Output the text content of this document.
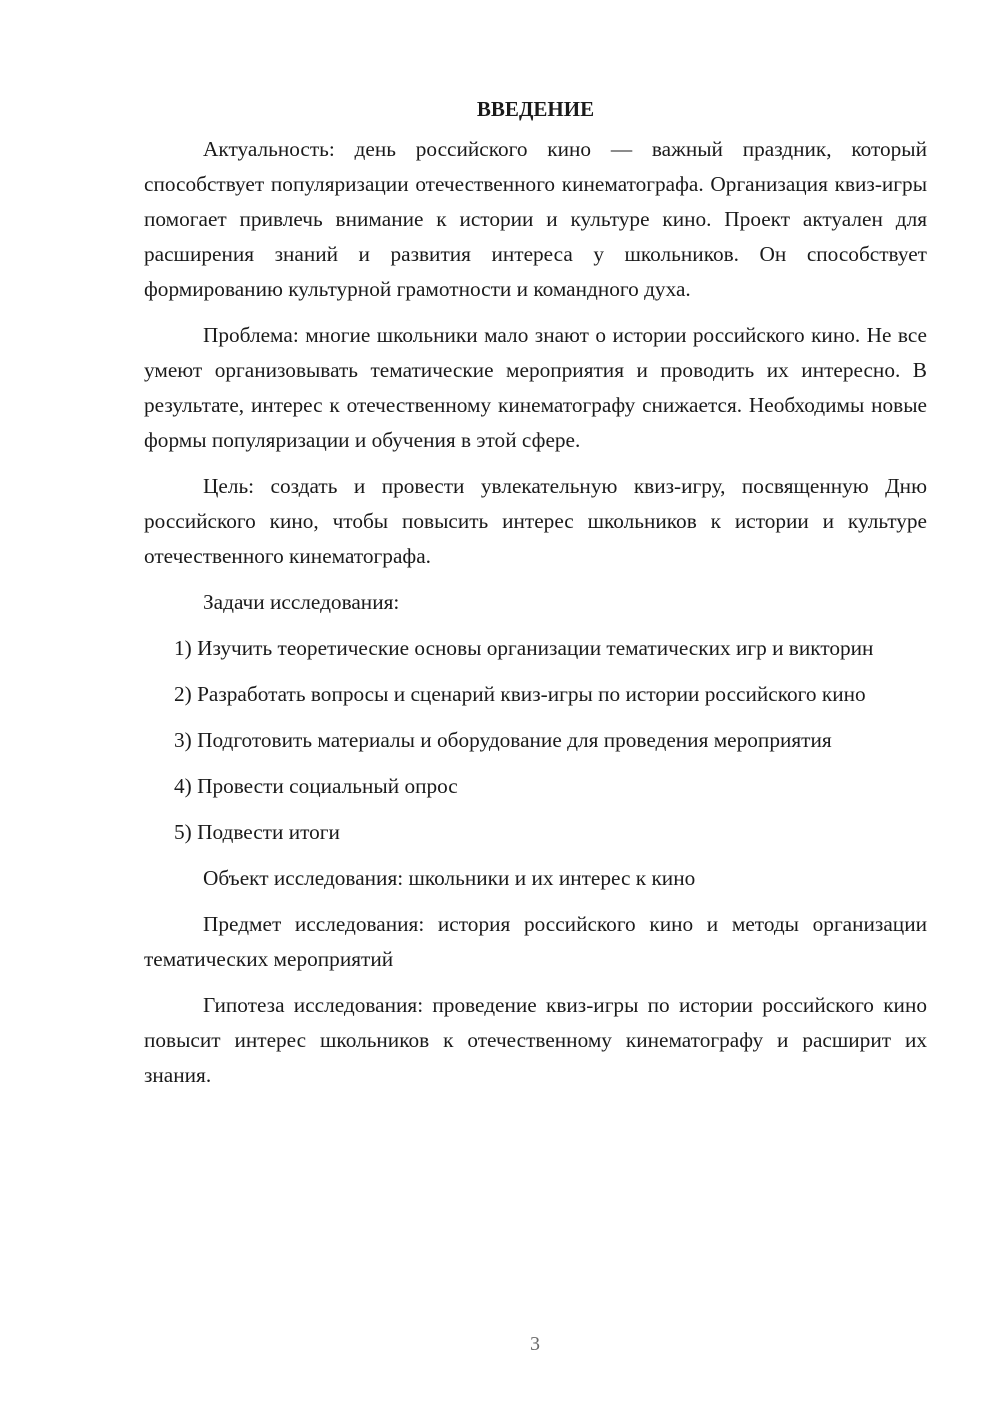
ВВЕДЕНИЕ

Актуальность: день российского кино — важный праздник, который способствует популяризации отечественного кинематографа. Организация квиз-игры помогает привлечь внимание к истории и культуре кино. Проект актуален для расширения знаний и развития интереса у школьников. Он способствует формированию культурной грамотности и командного духа.

Проблема: многие школьники мало знают о истории российского кино. Не все умеют организовывать тематические мероприятия и проводить их интересно. В результате, интерес к отечественному кинематографу снижается. Необходимы новые формы популяризации и обучения в этой сфере.

Цель: создать и провести увлекательную квиз-игру, посвященную Дню российского кино, чтобы повысить интерес школьников к истории и культуре отечественного кинематографа.

Задачи исследования:

1) Изучить теоретические основы организации тематических игр и викторин

2) Разработать вопросы и сценарий квиз-игры по истории российского кино

3) Подготовить материалы и оборудование для проведения мероприятия

4) Провести социальный опрос

5) Подвести итоги

Объект исследования: школьники и их интерес к кино

Предмет исследования: история российского кино и методы организации тематических мероприятий

Гипотеза исследования: проведение квиз-игры по истории российского кино повысит интерес школьников к отечественному кинематографу и расширит их знания.

3
